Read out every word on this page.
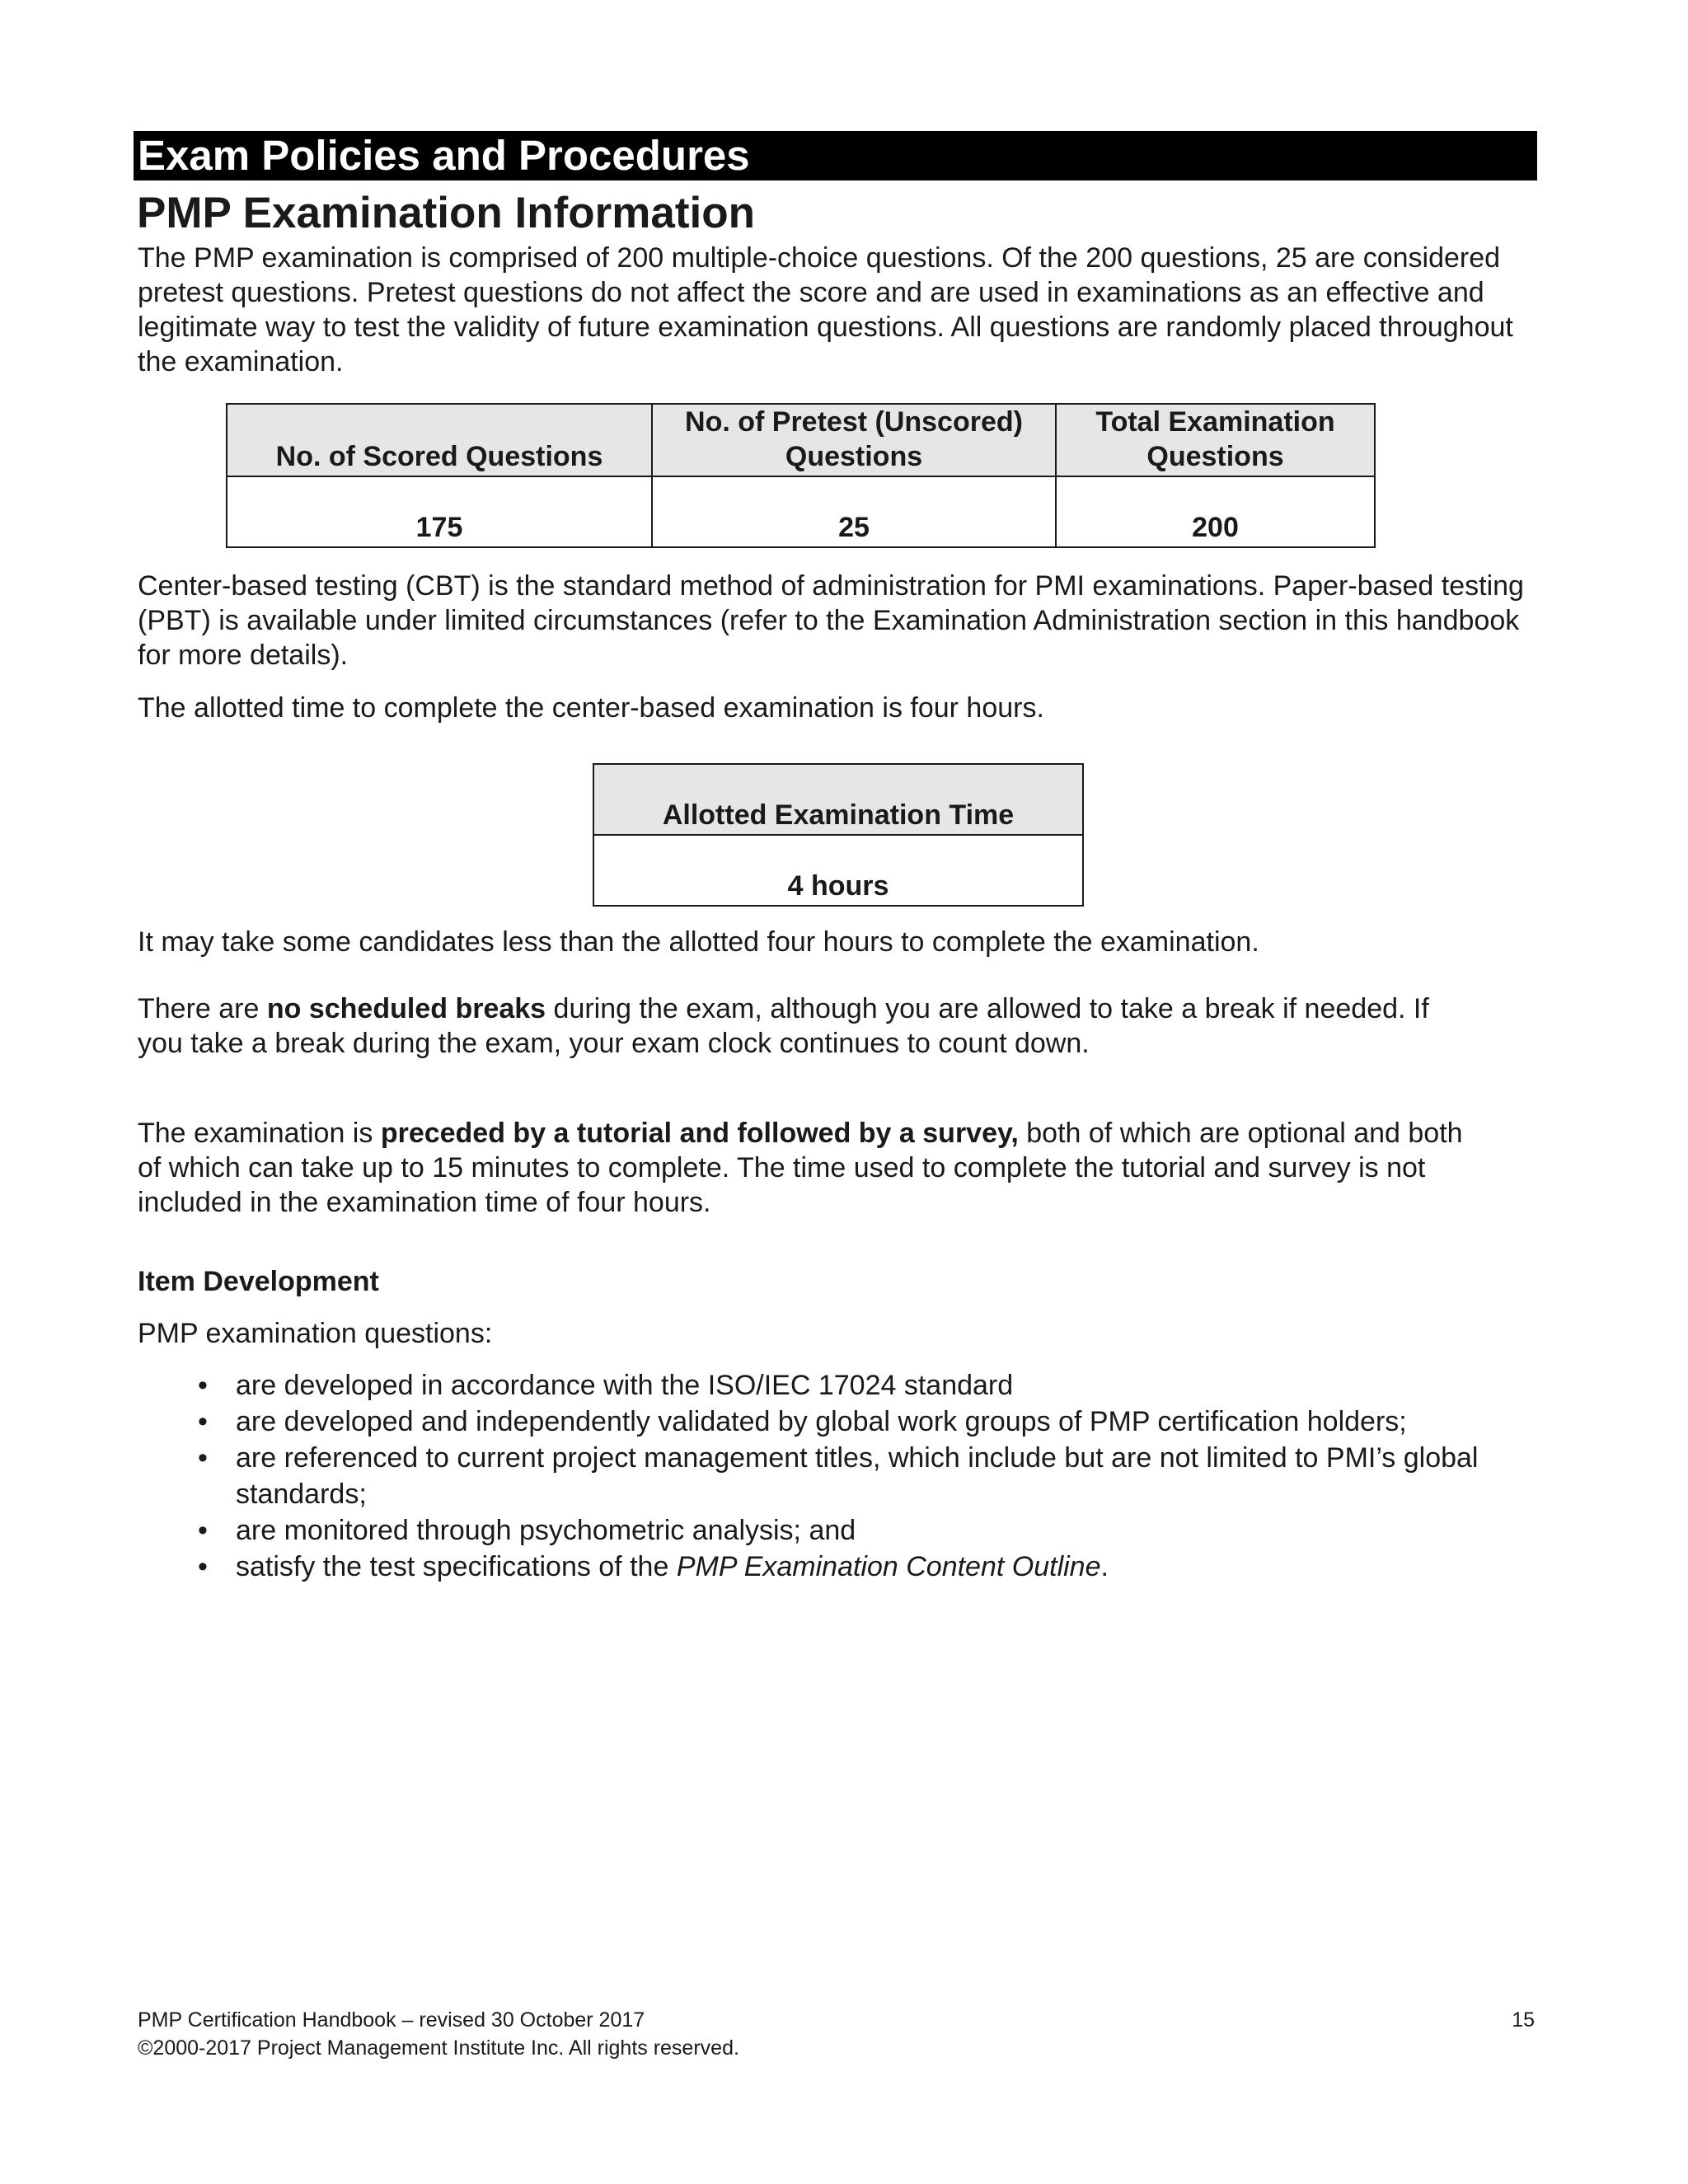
Exam Policies and Procedures
PMP Examination Information
The PMP examination is comprised of 200 multiple-choice questions. Of the 200 questions, 25 are considered pretest questions. Pretest questions do not affect the score and are used in examinations as an effective and legitimate way to test the validity of future examination questions. All questions are randomly placed throughout the examination.
No. of Scored Questions	No. of Pretest (Unscored) Questions	Total Examination Questions
175	25	200
Center-based testing (CBT) is the standard method of administration for PMI examinations. Paper-based testing (PBT) is available under limited circumstances (refer to the Examination Administration section in this handbook for more details).
The allotted time to complete the center-based examination is four hours.
Allotted Examination Time
4 hours
It may take some candidates less than the allotted four hours to complete the examination.
There are no scheduled breaks during the exam, although you are allowed to take a break if needed. If you take a break during the exam, your exam clock continues to count down.
The examination is preceded by a tutorial and followed by a survey, both of which are optional and both of which can take up to 15 minutes to complete. The time used to complete the tutorial and survey is not included in the examination time of four hours.
Item Development
PMP examination questions:
• are developed in accordance with the ISO/IEC 17024 standard
• are developed and independently validated by global work groups of PMP certification holders;
• are referenced to current project management titles, which include but are not limited to PMI’s global standards;
• are monitored through psychometric analysis; and
• satisfy the test specifications of the PMP Examination Content Outline.
PMP Certification Handbook – revised 30 October 2017
©2000-2017 Project Management Institute Inc. All rights reserved.
15
